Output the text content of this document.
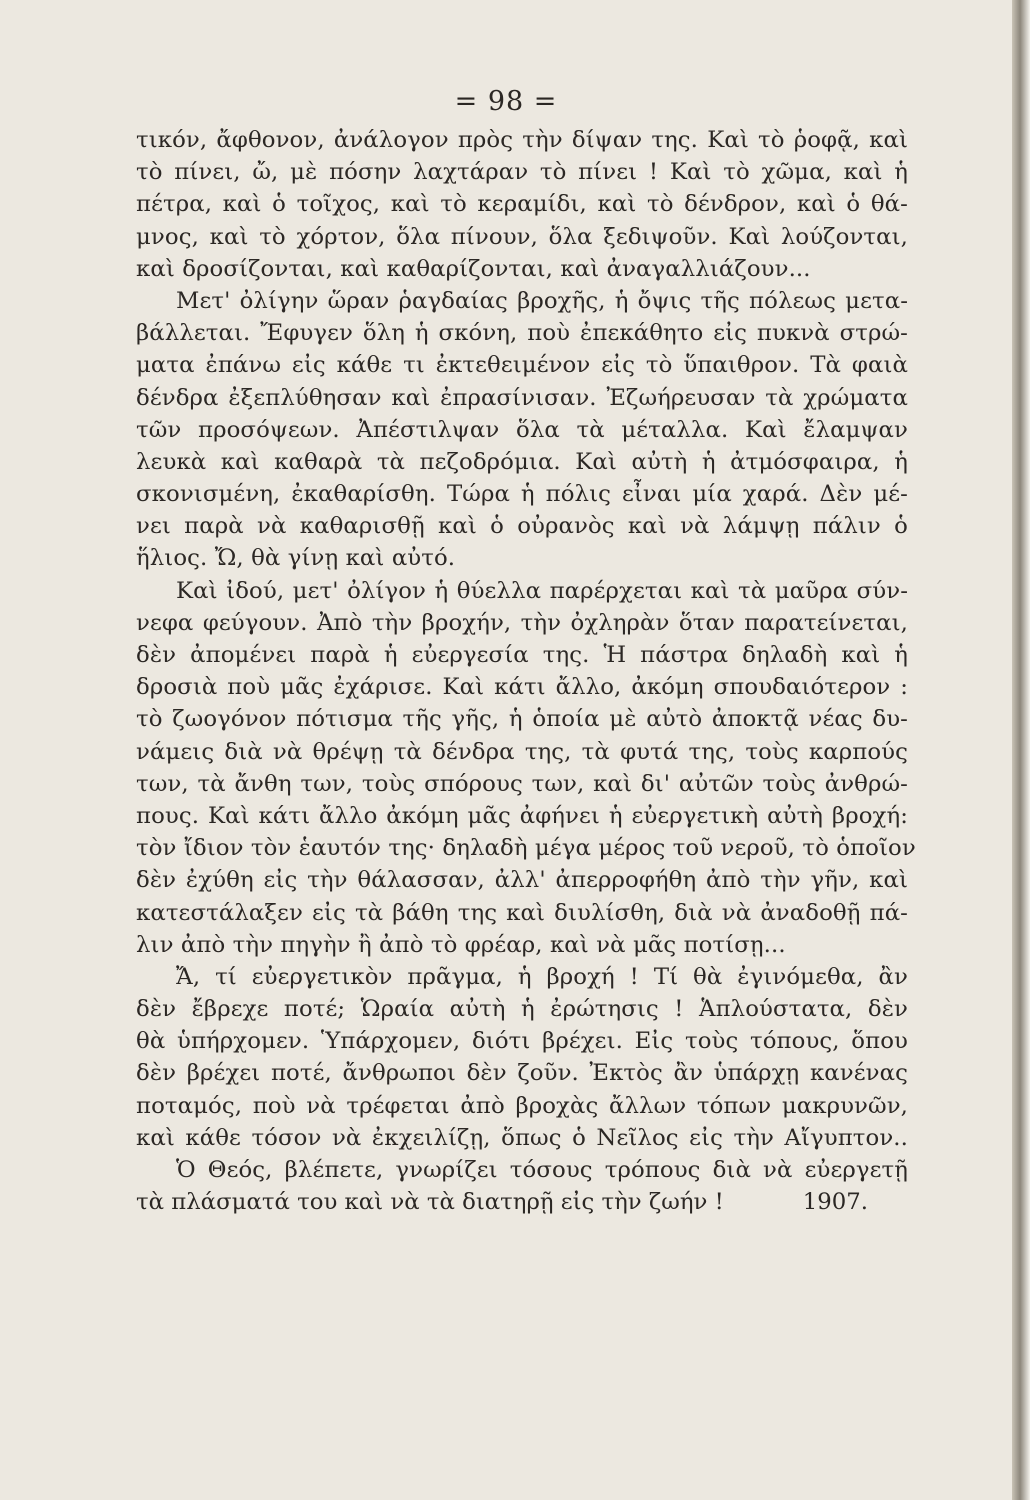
= 98 =
τικόν, ἄφθονον, ἀνάλογον πρὸς τὴν δίψαν της. Καὶ τὸ ῥοφᾷ, καὶ
τὸ πίνει, ὤ, μὲ πόσην λαχτάραν τὸ πίνει ! Καὶ τὸ χῶμα, καὶ ἡ
πέτρα, καὶ ὁ τοῖχος, καὶ τὸ κεραμίδι, καὶ τὸ δένδρον, καὶ ὁ θά-
μνος, καὶ τὸ χόρτον, ὅλα πίνουν, ὅλα ξεδιψοῦν. Καὶ λούζονται,
καὶ δροσίζονται, καὶ καθαρίζονται, καὶ ἀναγαλλιάζουν...
Μετ' ὀλίγην ὥραν ῥαγδαίας βροχῆς, ἡ ὄψις τῆς πόλεως μετα-
βάλλεται. Ἔφυγεν ὅλη ἡ σκόνη, ποὺ ἐπεκάθητο εἰς πυκνὰ στρώ-
ματα ἐπάνω εἰς κάθε τι ἐκτεθειμένον εἰς τὸ ὕπαιθρον. Τὰ φαιὰ
δένδρα ἐξεπλύθησαν καὶ ἐπρασίνισαν. Ἐζωήρευσαν τὰ χρώματα
τῶν προσόψεων. Ἀπέστιλψαν ὅλα τὰ μέταλλα. Καὶ ἔλαμψαν
λευκὰ καὶ καθαρὰ τὰ πεζοδρόμια. Καὶ αὐτὴ ἡ ἀτμόσφαιρα, ἡ
σκονισμένη, ἐκαθαρίσθη. Τώρα ἡ πόλις εἶναι μία χαρά. Δὲν μέ-
νει παρὰ νὰ καθαρισθῇ καὶ ὁ οὐρανὸς καὶ νὰ λάμψῃ πάλιν ὁ
ἥλιος. Ὤ, θὰ γίνῃ καὶ αὐτό.
Καὶ ἰδού, μετ' ὀλίγον ἡ θύελλα παρέρχεται καὶ τὰ μαῦρα σύν-
νεφα φεύγουν. Ἀπὸ τὴν βροχήν, τὴν ὀχληρὰν ὅταν παρατείνεται,
δὲν ἀπομένει παρὰ ἡ εὐεργεσία της. Ἡ πάστρα δηλαδὴ καὶ ἡ
δροσιὰ ποὺ μᾶς ἐχάρισε. Καὶ κάτι ἄλλο, ἀκόμη σπουδαιότερον :
τὸ ζωογόνον πότισμα τῆς γῆς, ἡ ὁποία μὲ αὐτὸ ἀποκτᾷ νέας δυ-
νάμεις διὰ νὰ θρέψῃ τὰ δένδρα της, τὰ φυτά της, τοὺς καρπούς
των, τὰ ἄνθη των, τοὺς σπόρους των, καὶ δι' αὐτῶν τοὺς ἀνθρώ-
πους. Καὶ κάτι ἄλλο ἀκόμη μᾶς ἀφήνει ἡ εὐεργετικὴ αὐτὴ βροχή:
τὸν ἴδιον τὸν ἑαυτόν της· δηλαδὴ μέγα μέρος τοῦ νεροῦ, τὸ ὁποῖον
δὲν ἐχύθη εἰς τὴν θάλασσαν, ἀλλ' ἀπερροφήθη ἀπὸ τὴν γῆν, καὶ
κατεστάλαξεν εἰς τὰ βάθη της καὶ διυλίσθη, διὰ νὰ ἀναδοθῇ πά-
λιν ἀπὸ τὴν πηγὴν ἢ ἀπὸ τὸ φρέαρ, καὶ νὰ μᾶς ποτίσῃ...
Ἄ, τί εὐεργετικὸν πρᾶγμα, ἡ βροχή ! Τί θὰ ἐγινόμεθα, ἂν
δὲν ἔβρεχε ποτέ; Ὡραία αὐτὴ ἡ ἐρώτησις ! Ἁπλούστατα, δὲν
θὰ ὑπήρχομεν. Ὑπάρχομεν, διότι βρέχει. Εἰς τοὺς τόπους, ὅπου
δὲν βρέχει ποτέ, ἄνθρωποι δὲν ζοῦν. Ἐκτὸς ἂν ὑπάρχῃ κανένας
ποταμός, ποὺ νὰ τρέφεται ἀπὸ βροχὰς ἄλλων τόπων μακρυνῶν,
καὶ κάθε τόσον νὰ ἐκχειλίζῃ, ὅπως ὁ Νεῖλος εἰς τὴν Αἴγυπτον..
Ὁ Θεός, βλέπετε, γνωρίζει τόσους τρόπους διὰ νὰ εὐεργετῇ
τὰ πλάσματά του καὶ νὰ τὰ διατηρῇ εἰς τὴν ζωήν !	1907.
